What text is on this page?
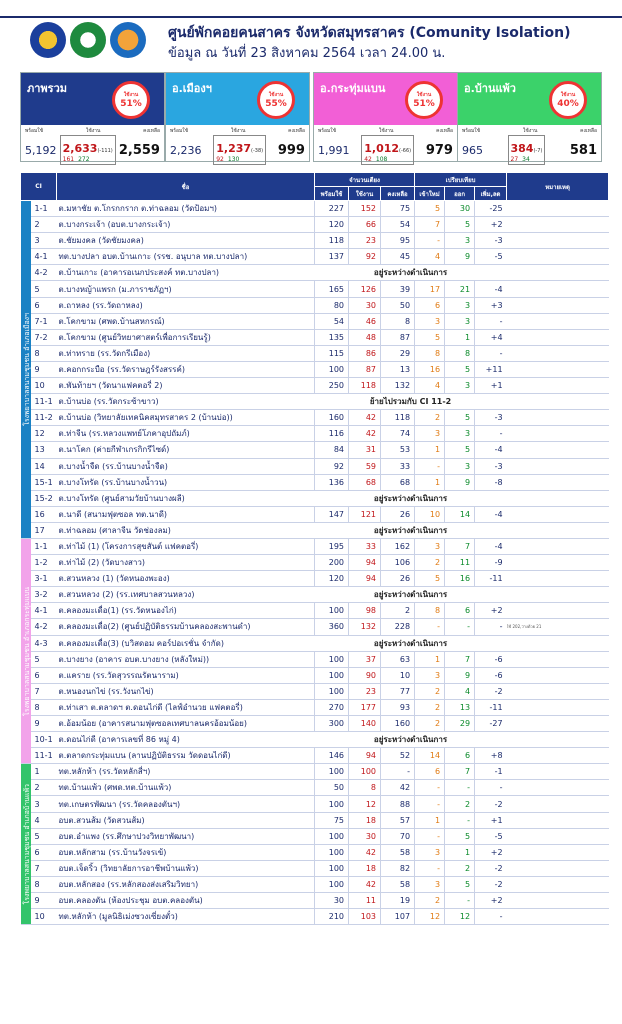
ศูนย์พักคอยคนสาคร จังหวัดสมุทรสาคร (Comunity Isolation)
ข้อมูล ณ วันที่ 23 สิงหาคม 2564 เวลา 24.00 น.
ภาพรวม	ใช้งาน
51%
พร้อมใช้	ใช้งาน	คงเหลือ
5,192 2,633(-111)
161 272
2,559
อ.เมืองฯ	ใช้งาน
55%
พร้อมใช้	ใช้งาน	คงเหลือ
2,236 1,237(-38)
92 130
999
อ.กระทุ่มแบน	ใช้งาน
51%
พร้อมใช้	ใช้งาน	คงเหลือ
1,991 1,012(-66)
42 108
979
อ.บ้านแพ้ว	ใช้งาน
40%
พร้อมใช้	ใช้งาน	คงเหลือ
965	384(-7)
27 34
581
CI		ชื่อ	จำนวนเตียง			เปรียบเทียบ			หมายเหตุ
			พร้อมใช้	ใช้งาน	คงเหลือ	เข้าใหม่	ออก	เพิ่ม,ลด	

โรงพยาบาลสนามชุมชน อำเภอเมืองฯ	1-1	ต.มหาชัย ต.โกรกกราก ต.ท่าฉลอม (วัดป้อมฯ)	227	152	75	5	30	-25	
	2	ต.บางกระเจ้า (อบต.บางกระเจ้า)	120	66	54	7	5	+2	
	3	ต.ชัยมงคล (วัดชัยมงคล)	118	23	95	-	3	-3	
	4-1	ทต.บางปลา อบต.บ้านเกาะ (รรช. อนุบาล ทต.บางปลา)	137	92	45	4	9	-5	
	4-2	ต.บ้านเกาะ (อาคารอเนกประสงค์ ทต.บางปลา)	อยู่ระหว่างดำเนินการ						
	5	ต.บางหญ้าแพรก (ม.ภาราชภัฏฯ)	165	126	39	17	21	-4	
	6	ต.ถาหลง (รร.วัดถาหลง)	80	30	50	6	3	+3	
	7-1	ต.โคกขาม (ศพด.บ้านสหกรณ์)	54	46	8	3	3	-	
	7-2	ต.โคกขาม (ศูนย์วิทยาศาสตร์เพื่อการเรียนรู้)	135	48	87	5	1	+4	
	8	ต.ท่าทราย (รร.วัดกรีเมือง)	115	86	29	8	8	-	
	9	ต.คอกกระบือ (รร.วัดราษฎร์รังสรรค์)	100	87	13	16	5	+11	
	10	ต.พันท้ายฯ (วัดนาแฟคตอรี่ 2)	250	118	132	4	3	+1	
	11-1	ต.บ้านบ่อ (รร.วัดกระซ้าขาว)	ย้ายไปรวมกับ CI 11-2						
	11-2	ต.บ้านบ่อ (วิทยาลัยเทคนิคสมุทรสาคร 2 (บ้านบ่อ))	160	42	118	2	5	-3	
	12	ต.ท่าจีน (รร.หลวงแพทย์โภคาอุปถัมภ์)	116	42	74	3	3	-	
	13	ต.นาโคก (ค่ายกีฬาเกรกิกรีไซด์)	84	31	53	1	5	-4	
	14	ต.บางน้ำจืด (รร.บ้านบางน้ำจืด)	92	59	33	-	3	-3	
	15-1	ต.บางโทรัด (รร.บ้านบางน้ำวน)	136	68	68	1	9	-8	
	15-2	ต.บางโทรัด (ศูนย์สามวัยบ้านบางผลี)	อยู่ระหว่างดำเนินการ						
	16	ต.นาดี (สนามฟุตซอล ทต.นาดี)	147	121	26	10	14	-4	
	17	ต.ท่าฉลอม (ศาลาจีน วัดช่องลม)	อยู่ระหว่างดำเนินการ						

โรงพยาบาลสนามชุมชน อำเภอกระทุ่มแบน	1-1	ต.ท่าไม้ (1) (โครงการสุขสันต์ แฟคตอรี่)	195	33	162	3	7	-4	
	1-2	ต.ท่าไม้ (2) (วัดบางสาว)	200	94	106	2	11	-9	
	3-1	ต.สวนหลวง (1) (วัดหนองพะอง)	120	94	26	5	16	-11	
	3-2	ต.สวนหลวง (2) (รร.เทศบาลสวนหลวง)	อยู่ระหว่างดำเนินการ						
	4-1	ต.คลองมะเดื่อ(1) (รร.วัดหนองไก่)	100	98	2	8	6	+2	
	4-2	ต.คลองมะเดื่อ(2) (ศูนย์ปฏิบัติธรรมบ้านคลองสะพานดำ)	360	132	228	-	-	-	ใช้ 202,ว่างด้วย 21
	4-3	ต.คลองมะเดื่อ(3) (บวิสดอม คอร์ปอเรชั่น จำกัด)	อยู่ระหว่างดำเนินการ						
	5	ต.บางยาง (อาคาร อบต.บางยาง (หลังใหม่))	100	37	63	1	7	-6	
	6	ต.แคราย (รร.วัดสุวรรณรัตนาราม)	100	90	10	3	9	-6	
	7	ต.หนองนกไข่ (รร.วังนกไข่)	100	23	77	2	4	-2	
	8	ต.ท่าเสา ต.ตลาดฯ ต.ดอนไก่ดี (ไลฟ์อำนวย แฟคตอรี่)	270	177	93	2	13	-11	
	9	ต.อ้อมน้อย (อาคารสนามฟุตซอลเทศบาลนครอ้อมน้อย)	300	140	160	2	29	-27	
	10-1	ต.ดอนไก่ดี (อาคารเลขที่ 86 หมู่ 4)	อยู่ระหว่างดำเนินการ						
	11-1	ต.ตลาดกระทุ่มแบน (ลานปฏิบัติธรรม วัดดอนไก่ดี)	146	94	52	14	6	+8	

โรงพยาบาลสนามชุมชน อำเภอบ้านแพ้ว	1	ทต.หลักห้า (รร.วัดหลักสี่ฯ)	100	100	-	6	7	-1	
	2	ทต.บ้านแพ้ว (ศพด.ทต.บ้านแพ้ว)	50	8	42	-	-	-	
	3	ทต.เกษตรพัฒนา (รร.วัดคลองตันฯ)	100	12	88	-	2	-2	
	4	อบต.สวนส้ม (วัดสวนส้ม)	75	18	57	1	-	+1	
	5	อบต.อำแพง (รร.ศึกษาปวงวิทยาพัฒนา)	100	30	70	-	5	-5	
	6	อบต.หลักสาม (รร.บ้านวังจรเข้)	100	42	58	3	1	+2	
	7	อบต.เจ็ดริ้ว (วิทยาลัยการอาชีพบ้านแพ้ว)	100	18	82	-	2	-2	
	8	อบต.หลักสอง (รร.หลักสองส่งเสริมวิทยา)	100	42	58	3	5	-2	
	9	อบต.คลองตัน (ห้องประชุม อบต.คลองตัน)	30	11	19	2	-	+2	
	10	ทต.หลักห้า (มูลนิธิเม่งซวงเซี่ยงตั๋ว)	210	103	107	12	12	-	
